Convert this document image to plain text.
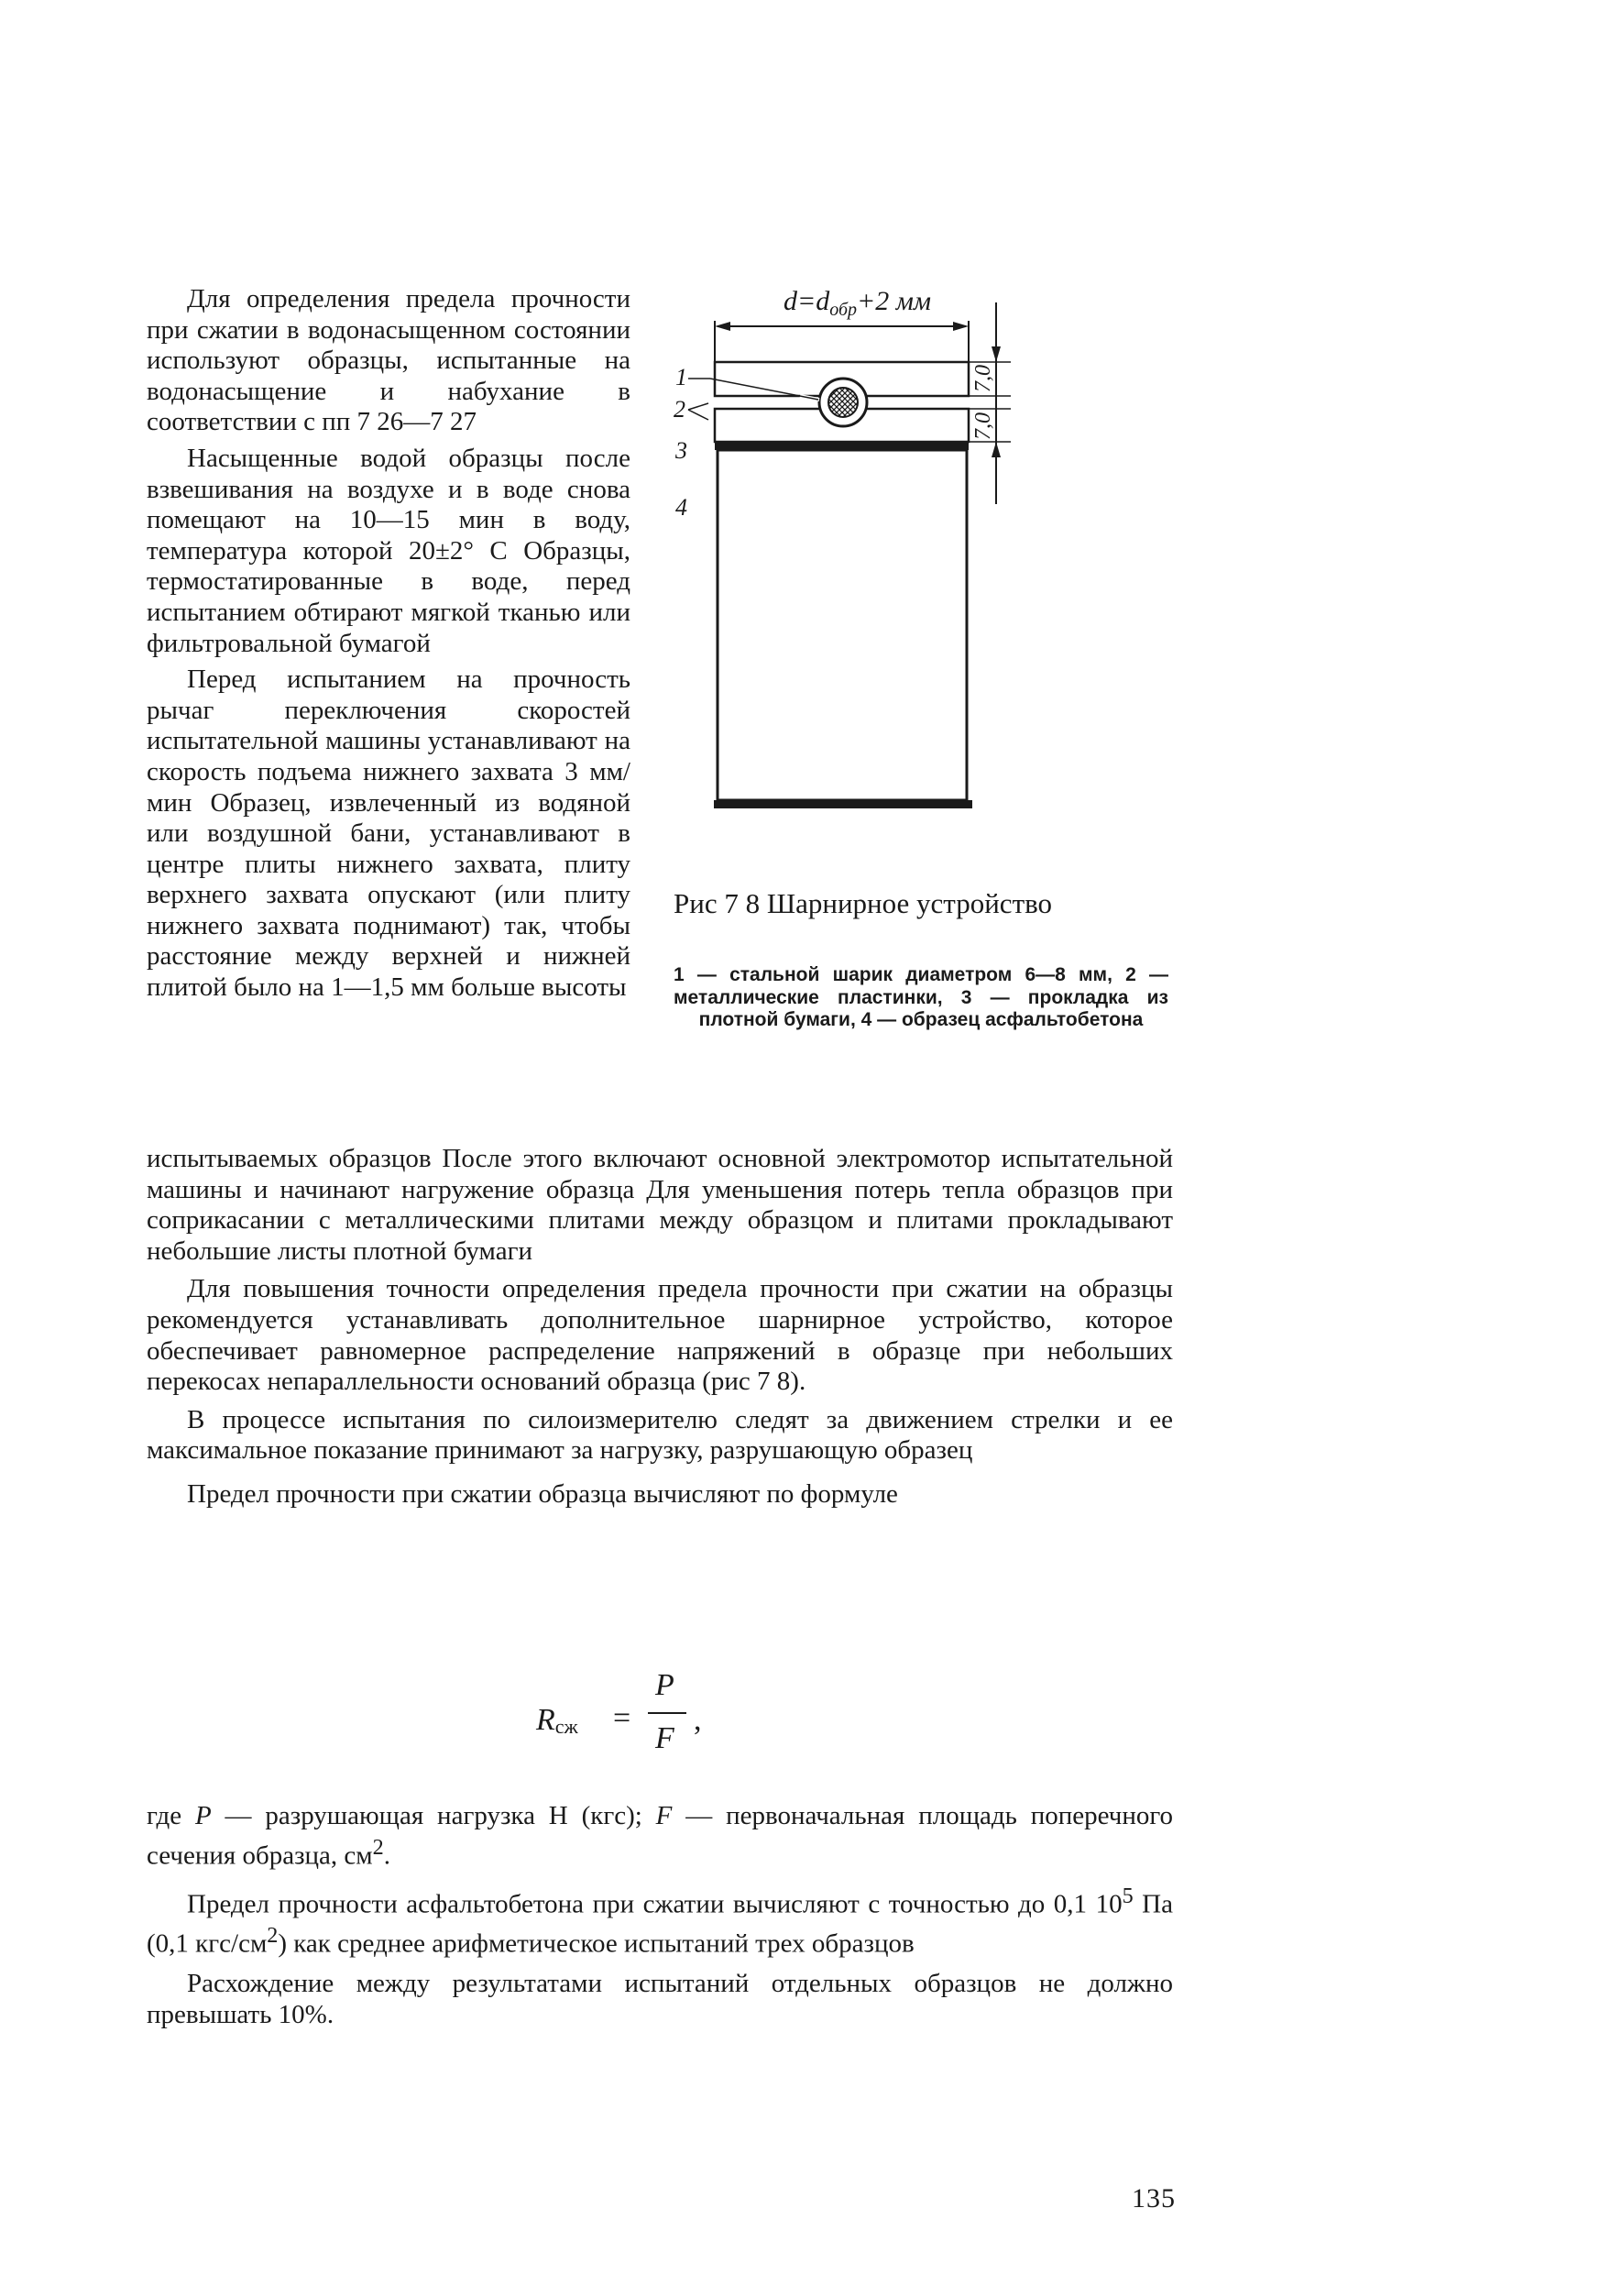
Для определения предела прочности при сжатии в водонасыщенном состоянии используют образцы, испытанные на водонасыщение и набухание в соответствии с пп 7 26—7 27

Насыщенные водой образцы после взвешивания на воздухе и в воде снова помещают на 10—15 мин в воду, температура которой 20±2° С Образцы, термостатированные в воде, перед испытанием обтирают мягкой тканью или фильтровальной бумагой

Перед испытанием на прочность рычаг переключения скоростей испытательной машины устанавливают на скорость подъема нижнего захвата 3 мм/мин Образец, извлеченный из водяной или воздушной бани, устанавливают в центре плиты нижнего захвата, плиту верхнего захвата опускают (или плиту нижнего захвата поднимают) так, чтобы расстояние между верхней и нижней плитой было на 1—1,5 мм больше высоты

$d=d_{обр}+2$ мм
7,0
7,0
1
2
3
4
Рис 7 8 Шарнирное устройство
1 — стальной шарик диаметром 6—8 мм, 2 — металлические пластинки, 3 — прокладка из плотной бумаги, 4 — образец асфальтобетона

испытываемых образцов После этого включают основной электромотор испытательной машины и начинают нагружение образца Для уменьшения потерь тепла образцов при соприкасании с металлическими плитами между образцом и плитами прокладывают небольшие листы плотной бумаги

Для повышения точности определения предела прочности при сжатии на образцы рекомендуется устанавливать дополнительное шарнирное устройство, которое обеспечивает равномерное распределение напряжений в образце при небольших перекосах непараллельности оснований образца (рис 7 8).

В процессе испытания по силоизмерителю следят за движением стрелки и ее максимальное показание принимают за нагрузку, разрушающую образец

Предел прочности при сжатии образца вычисляют по формуле

$R_{сж}$ =
P
F
,

где P — разрушающая нагрузка Н (кгс); F — первоначальная площадь поперечного сечения образца, $см^2$.

Предел прочности асфальтобетона при сжатии вычисляют с точностью до 0,1 $10^5$ Па (0,1 кгс/$см^2$) как среднее арифметическое испытаний трех образцов

Расхождение между результатами испытаний отдельных образцов не должно превышать 10%.

135
